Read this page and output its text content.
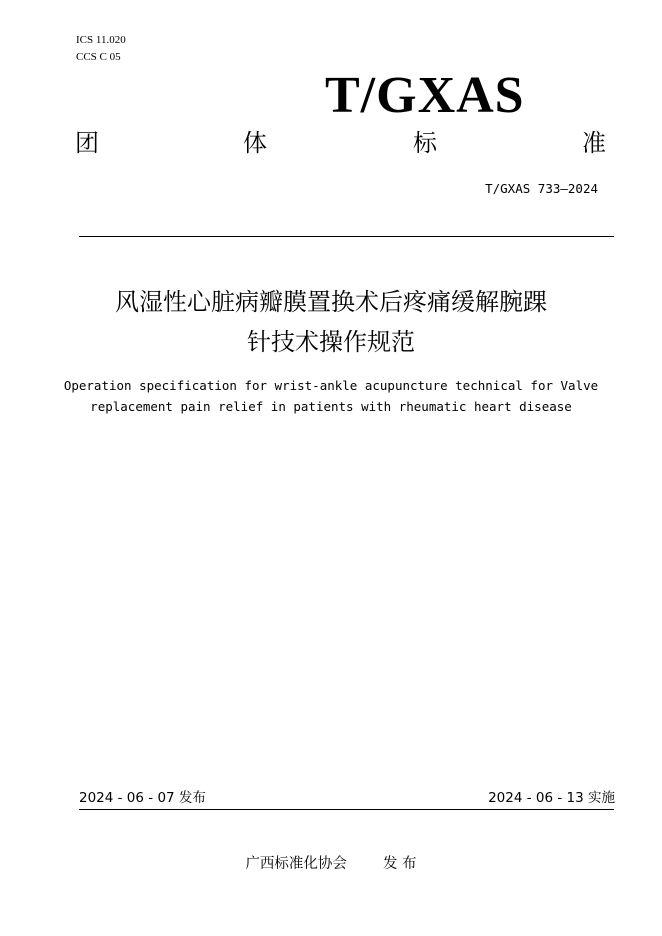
ICS 11.020
CCS C 05
T/GXAS
团	体	标	准
T/GXAS 733—2024
风湿性心脏病瓣膜置换术后疼痛缓解腕踝
针技术操作规范
Operation specification for wrist-ankle acupuncture technical for Valve
replacement pain relief in patients with rheumatic heart disease
2024 - 06 - 07 发布	2024 - 06 - 13 实施
广西标准化协会 发 布
